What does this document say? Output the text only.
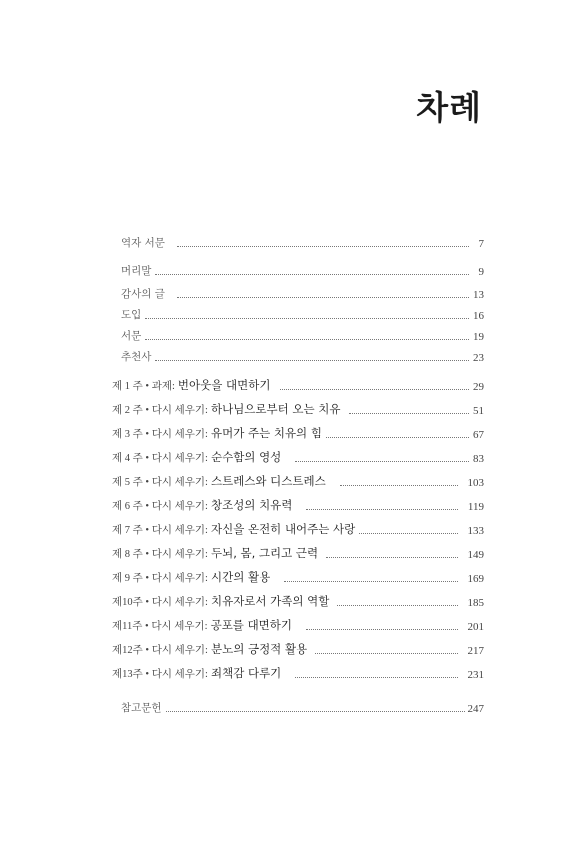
차례
역자 서문	7
머리말	9
감사의 글	13
도입	16
서문	19
추천사	23
제 1 주 • 과제: 번아웃을 대면하기	29
제 2 주 • 다시 세우기: 하나님으로부터 오는 치유	51
제 3 주 • 다시 세우기: 유머가 주는 치유의 힘	67
제 4 주 • 다시 세우기: 순수함의 영성	83
제 5 주 • 다시 세우기: 스트레스와 디스트레스	103
제 6 주 • 다시 세우기: 창조성의 치유력	119
제 7 주 • 다시 세우기: 자신을 온전히 내어주는 사랑	133
제 8 주 • 다시 세우기: 두뇌, 몸, 그리고 근력	149
제 9 주 • 다시 세우기: 시간의 활용	169
제10주 • 다시 세우기: 치유자로서 가족의 역할	185
제11주 • 다시 세우기: 공포를 대면하기	201
제12주 • 다시 세우기: 분노의 긍정적 활용	217
제13주 • 다시 세우기: 죄책감 다루기	231
참고문헌	247
